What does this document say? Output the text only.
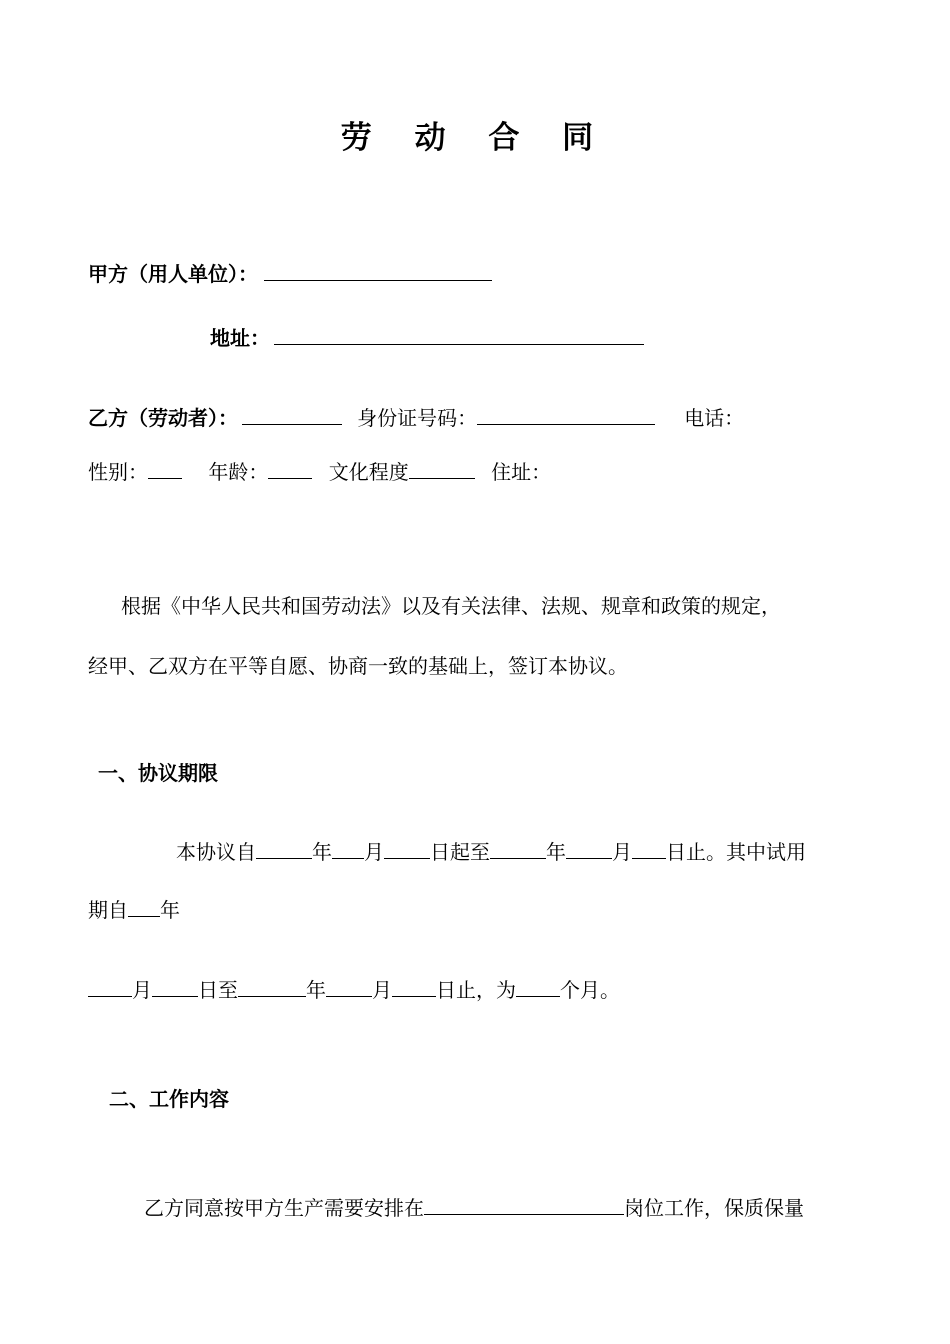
劳 动 合 同
甲方（用人单位）：
地址：
乙方（劳动者）：	身份证号码：	电话：
性别：	年龄：	文化程度	住址：
根据《中华人民共和国劳动法》以及有关法律、法规、规章和政策的规定，
经甲、乙双方在平等自愿、协商一致的基础上，签订本协议。
一、协议期限
本协议自	年 月 日起至	年 月 日止。其中试用
期自 年
月 日至	年 月 日止，为 个月。
二、工作内容
乙方同意按甲方生产需要安排在	岗位工作，保质保量
